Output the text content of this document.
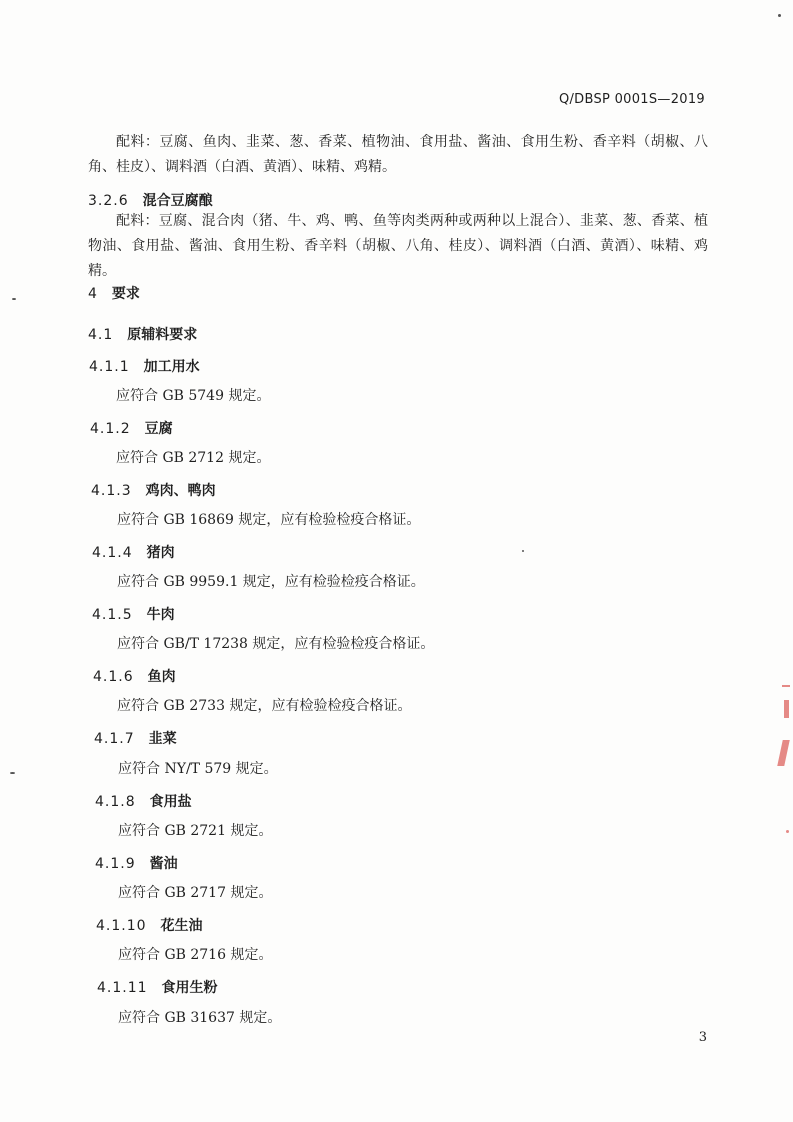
Q/DBSP 0001S—2019
配料：豆腐、鱼肉、韭菜、葱、香菜、植物油、食用盐、酱油、食用生粉、香辛料（胡椒、八角、桂皮）、调料酒（白酒、黄酒）、味精、鸡精。
3.2.6 混合豆腐酿
配料：豆腐、混合肉（猪、牛、鸡、鸭、鱼等肉类两种或两种以上混合）、韭菜、葱、香菜、植物油、食用盐、酱油、食用生粉、香辛料（胡椒、八角、桂皮）、调料酒（白酒、黄酒）、味精、鸡精。
4 要求
4.1 原辅料要求
4.1.1 加工用水
应符合 GB 5749 规定。
4.1.2 豆腐
应符合 GB 2712 规定。
4.1.3 鸡肉、鸭肉
应符合 GB 16869 规定，应有检验检疫合格证。
4.1.4 猪肉
应符合 GB 9959.1 规定，应有检验检疫合格证。
4.1.5 牛肉
应符合 GB/T 17238 规定，应有检验检疫合格证。
4.1.6 鱼肉
应符合 GB 2733 规定，应有检验检疫合格证。
4.1.7 韭菜
应符合 NY/T 579 规定。
4.1.8 食用盐
应符合 GB 2721 规定。
4.1.9 酱油
应符合 GB 2717 规定。
4.1.10 花生油
应符合 GB 2716 规定。
4.1.11 食用生粉
应符合 GB 31637 规定。
3
